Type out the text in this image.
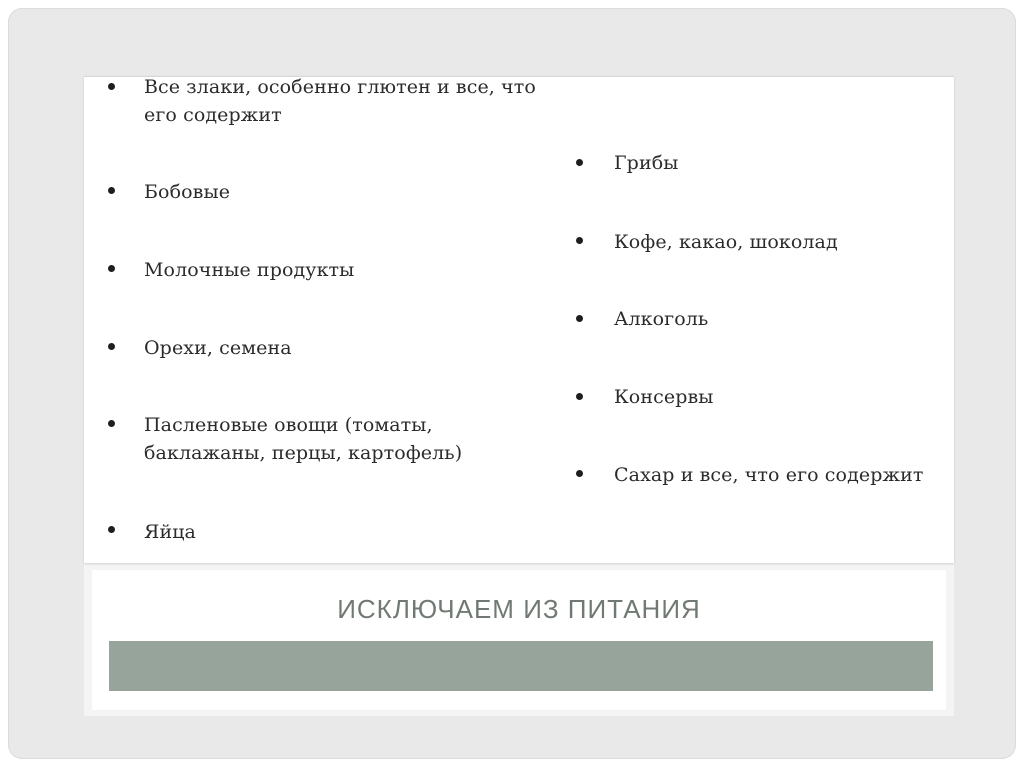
Все злаки, особенно глютен и все, что
его содержит
Бобовые
Молочные продукты
Орехи, семена
Пасленовые овощи (томаты,
баклажаны, перцы, картофель)
Яйца
Грибы
Кофе, какао, шоколад
Алкоголь
Консервы
Сахар и все, что его содержит
ИСКЛЮЧАЕМ ИЗ ПИТАНИЯ
